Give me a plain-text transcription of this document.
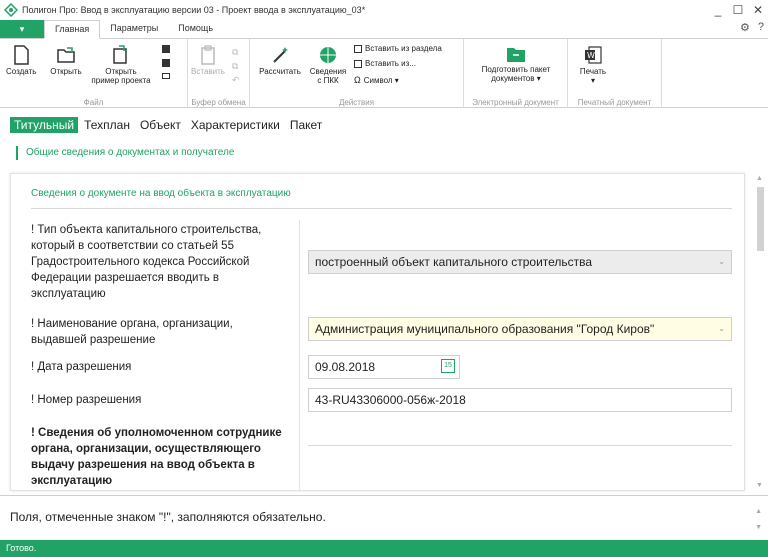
Полигон Про: Ввод в эксплуатацию версии 03 - Проект ввода в эксплуатацию_03*	_ ☐ ✕
▾	Главная	Параметры	Помощь	⚙ ?
Создать	Открыть	Открыть
пример проекта
Файл
Вставить
⧉
⧉
↶
Буфер обмена
Рассчитать	Сведения
с ПКК
Вставить из раздела
Вставить из...
Ω Символ ▾
Действия
Подготовить пакет
документов ▾
Электронный документ
W
Печать
▾
Печатный документ
Титульный Техплан Объект Характеристики Пакет
Общие сведения о документах и получателе
Сведения о документе на ввод объекта в эксплуатацию
! Тип объекта капитального строительства,
который в соответствии со статьей 55
Градостроительного кодекса Российской
Федерации разрешается вводить в
эксплуатацию
построенный объект капитального строительства	⌄
! Наименование органа, организации,
выдавшей разрешение
Администрация муниципального образования "Город Киров"	⌄
! Дата разрешения	09.08.2018	15
! Номер разрешения	43-RU43306000-056ж-2018
! Сведения об уполномоченном сотруднике
органа, организации, осуществляющего
выдачу разрешения на ввод объекта в
эксплуатацию
▲
▼
Поля, отмеченные знаком "!", заполняются обязательно.	▲
▼
Готово.
